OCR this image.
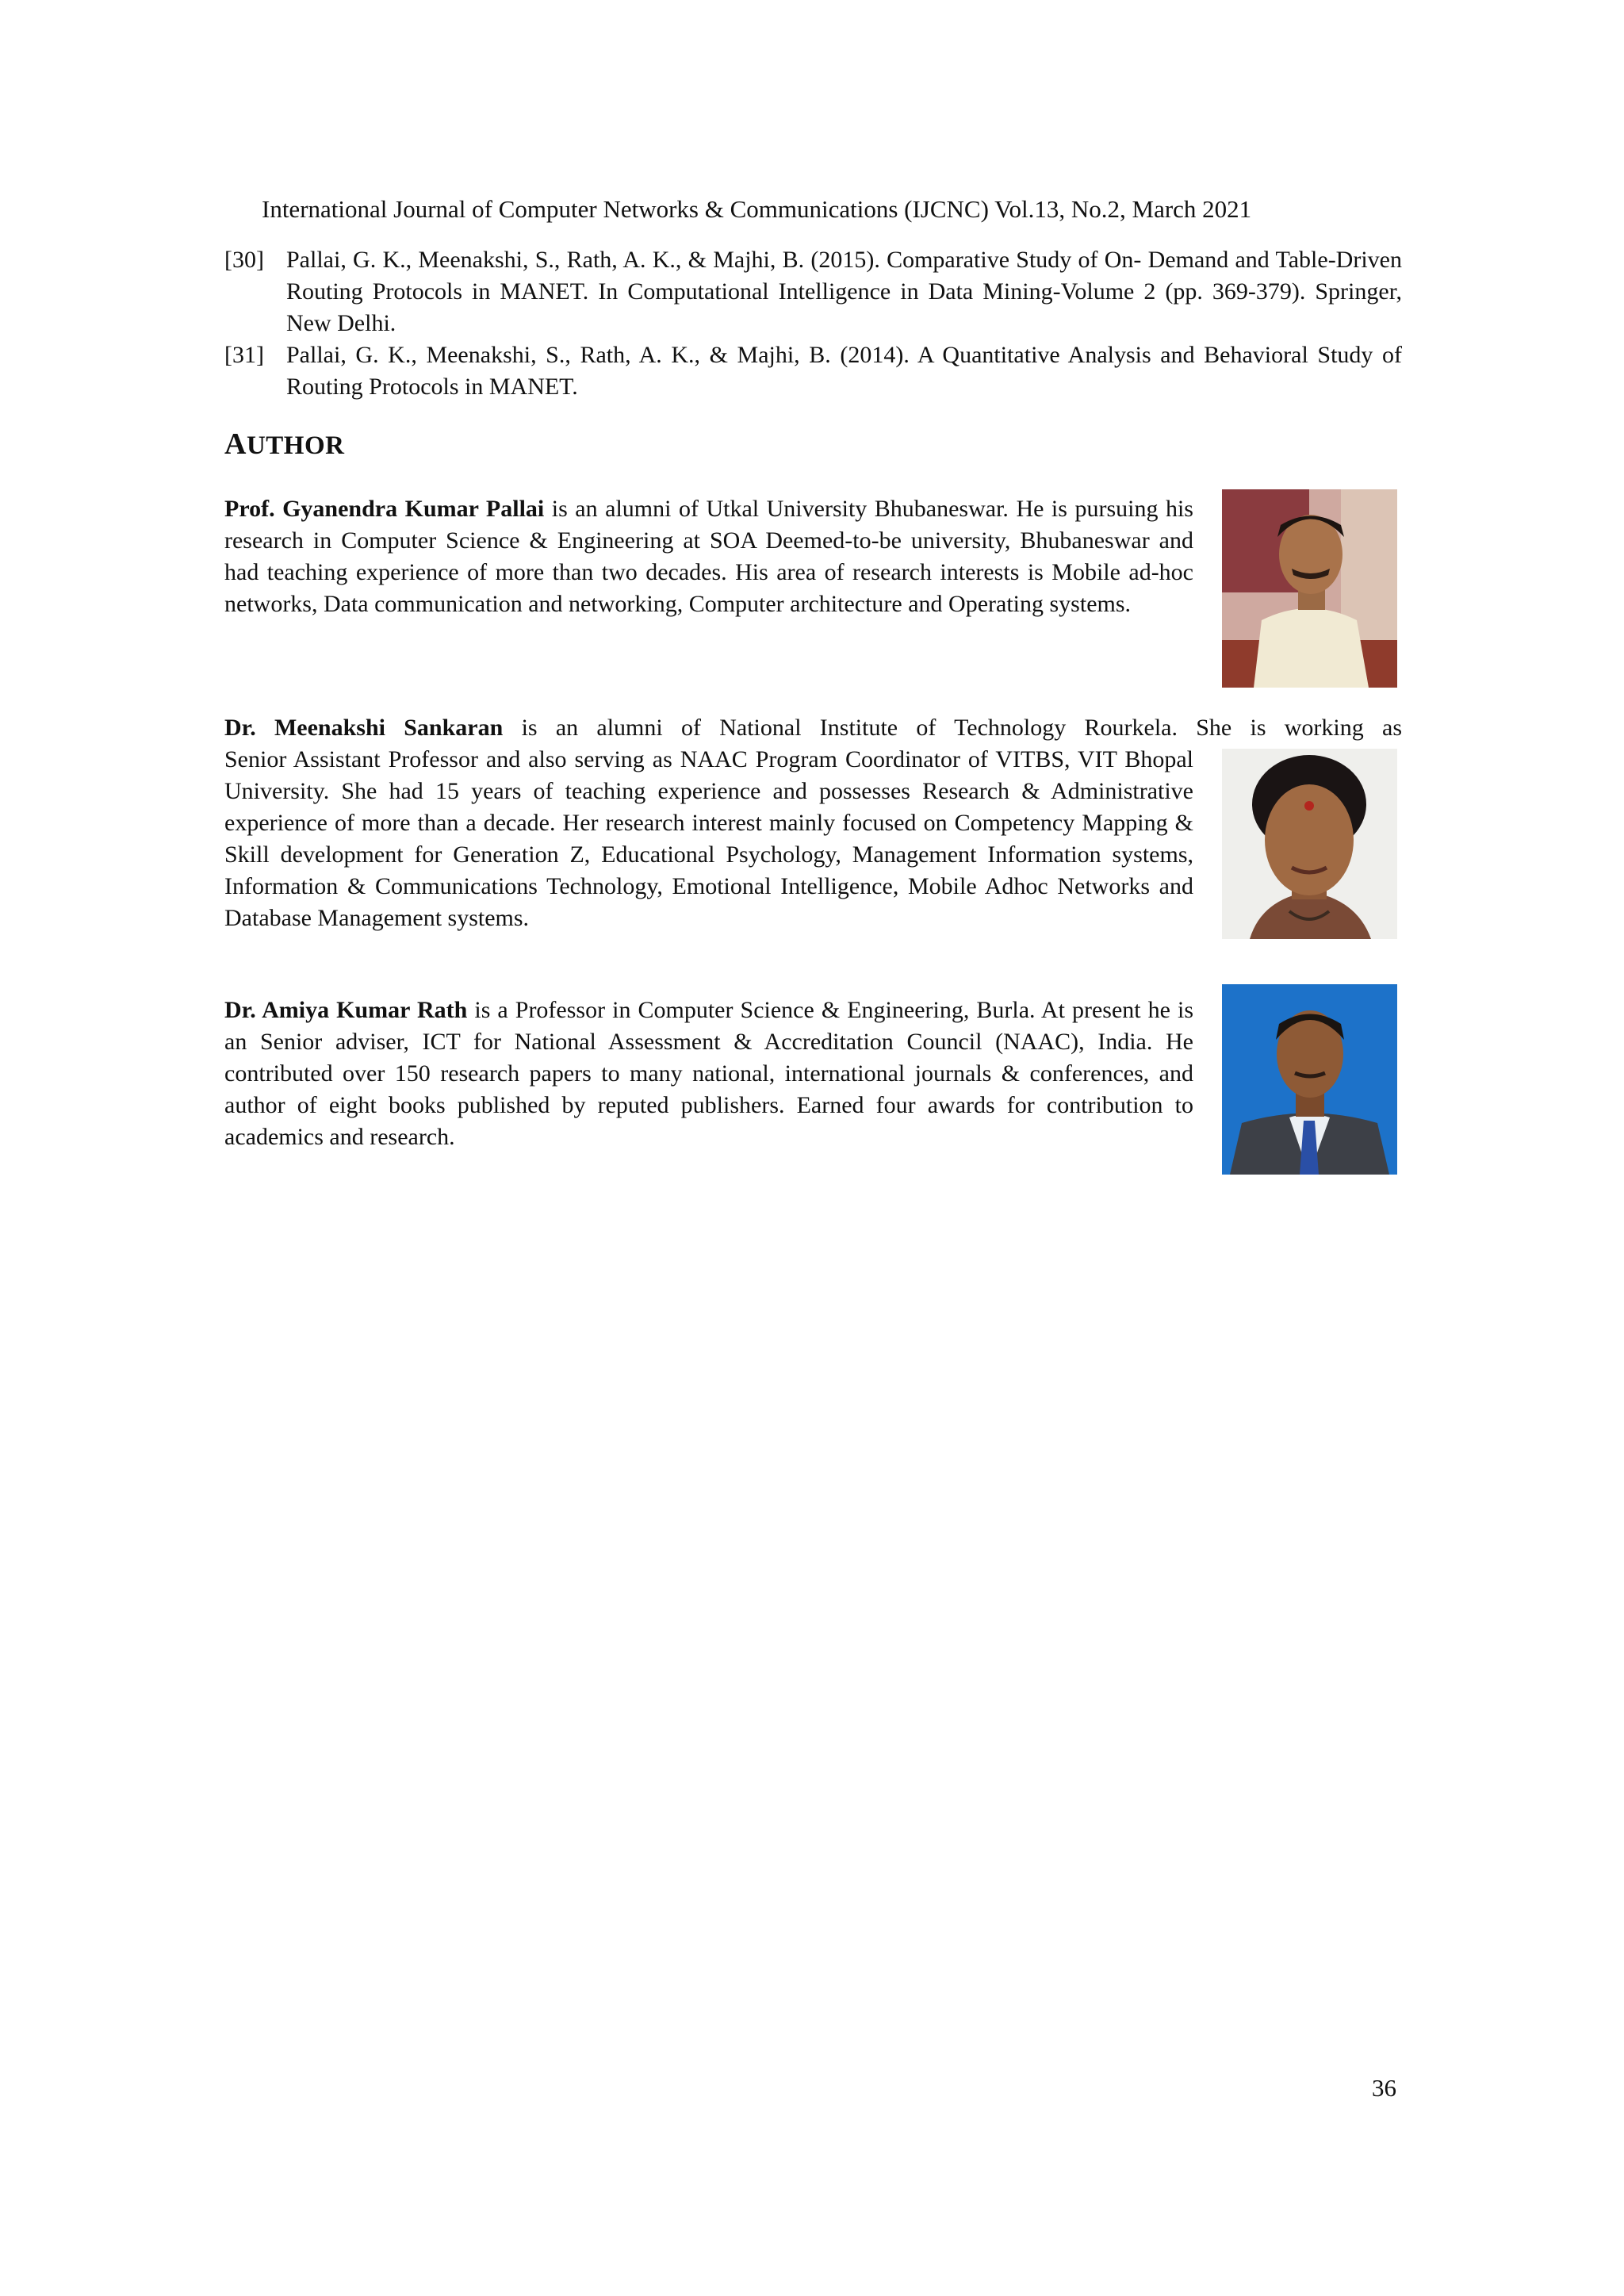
International Journal of Computer Networks & Communications (IJCNC) Vol.13, No.2, March 2021
[30] Pallai, G. K., Meenakshi, S., Rath, A. K., & Majhi, B. (2015). Comparative Study of On- Demand and Table-Driven Routing Protocols in MANET. In Computational Intelligence in Data Mining-Volume 2 (pp. 369-379). Springer, New Delhi.
[31] Pallai, G. K., Meenakshi, S., Rath, A. K., & Majhi, B. (2014). A Quantitative Analysis and Behavioral Study of Routing Protocols in MANET.
AUTHOR
Prof. Gyanendra Kumar Pallai is an alumni of Utkal University Bhubaneswar. He is pursuing his research in Computer Science & Engineering at SOA Deemed-to-be university, Bhubaneswar and had teaching experience of more than two decades. His area of research interests is Mobile ad-hoc networks, Data communication and networking, Computer architecture and Operating systems.
Dr. Meenakshi Sankaran is an alumni of National Institute of Technology Rourkela. She is working as
Senior Assistant Professor and also serving as NAAC Program Coordinator of VITBS, VIT Bhopal University. She had 15 years of teaching experience and possesses Research & Administrative experience of more than a decade. Her research interest mainly focused on Competency Mapping & Skill development for Generation Z, Educational Psychology, Management Information systems, Information & Communications Technology, Emotional Intelligence, Mobile Adhoc Networks and Database Management systems.
Dr. Amiya Kumar Rath is a Professor in Computer Science & Engineering, Burla. At present he is an Senior adviser, ICT for National Assessment & Accreditation Council (NAAC), India. He contributed over 150 research papers to many national, international journals & conferences, and author of eight books published by reputed publishers. Earned four awards for contribution to academics and research.
36
